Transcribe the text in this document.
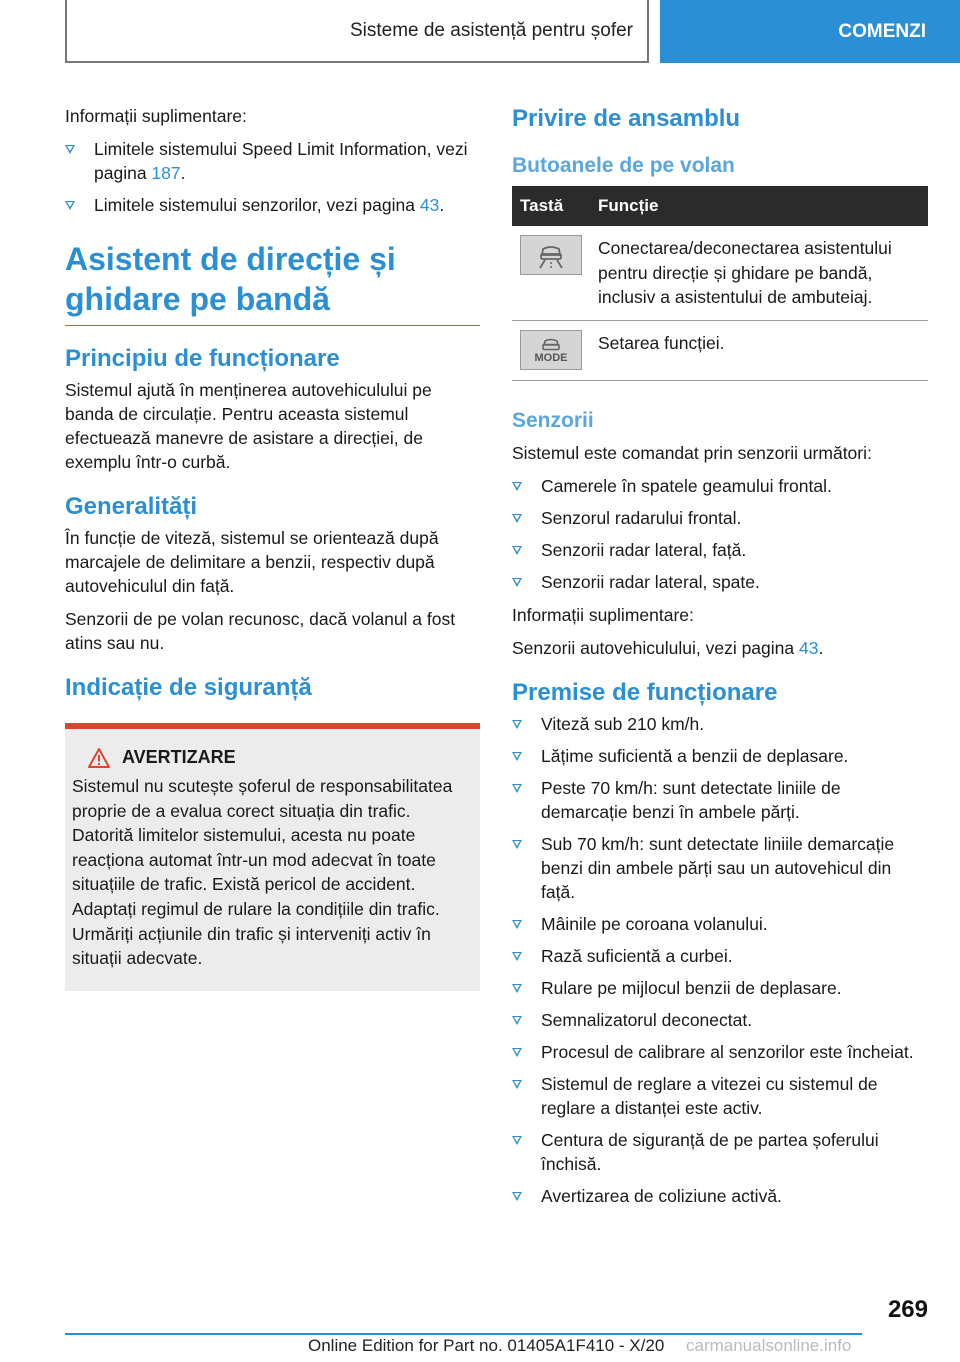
Sisteme de asistență pentru șofer	COMENZI

Informații suplimentare:

Limitele sistemului Speed Limit Information, vezi pagina 187.
Limitele sistemului senzorilor, vezi pagina 43.
Asistent de direcție și ghidare pe bandă
Principiu de funcționare

Sistemul ajută în menținerea autovehiculului pe banda de circulație. Pentru aceasta sistemul efectuează manevre de asistare a direcției, de exemplu într-o curbă.

Generalități

În funcție de viteză, sistemul se orientează după marcajele de delimitare a benzii, respectiv după autovehiculul din față.

Senzorii de pe volan recunosc, dacă volanul a fost atins sau nu.

Indicație de siguranță
AVERTIZARE

Sistemul nu scutește șoferul de responsabilitatea proprie de a evalua corect situația din trafic. Datorită limitelor sistemului, acesta nu poate reacționa automat într-un mod adecvat în toate situațiile de trafic. Există pericol de accident. Adaptați regimul de rulare la condițiile din trafic. Urmăriți acțiunile din trafic și interveniți activ în situații adecvate.

Privire de ansamblu
Butoanele de pe volan
Tastă	Funcție

	Conectarea/deconectarea asistentului pentru direcție și ghidare pe bandă, inclusiv a asistentului de ambuteiaj.

MODE	Setarea funcției.
Senzorii

Sistemul este comandat prin senzorii următori:

Camerele în spatele geamului frontal.
Senzorul radarului frontal.
Senzorii radar lateral, față.
Senzorii radar lateral, spate.

Informații suplimentare:

Senzorii autovehiculului, vezi pagina 43.

Premise de funcționare
Viteză sub 210 km/h.
Lățime suficientă a benzii de deplasare.
Peste 70 km/h: sunt detectate liniile de demarcație benzi în ambele părți.
Sub 70 km/h: sunt detectate liniile demarcație benzi din ambele părți sau un autovehicul din față.
Mâinile pe coroana volanului.
Rază suficientă a curbei.
Rulare pe mijlocul benzii de deplasare.
Semnalizatorul deconectat.
Procesul de calibrare al senzorilor este încheiat.
Sistemul de reglare a vitezei cu sistemul de reglare a distanței este activ.
Centura de siguranță de pe partea șoferului închisă.
Avertizarea de coliziune activă.
269
Online Edition for Part no. 01405A1F410 - X/20 carmanualsonline.info
